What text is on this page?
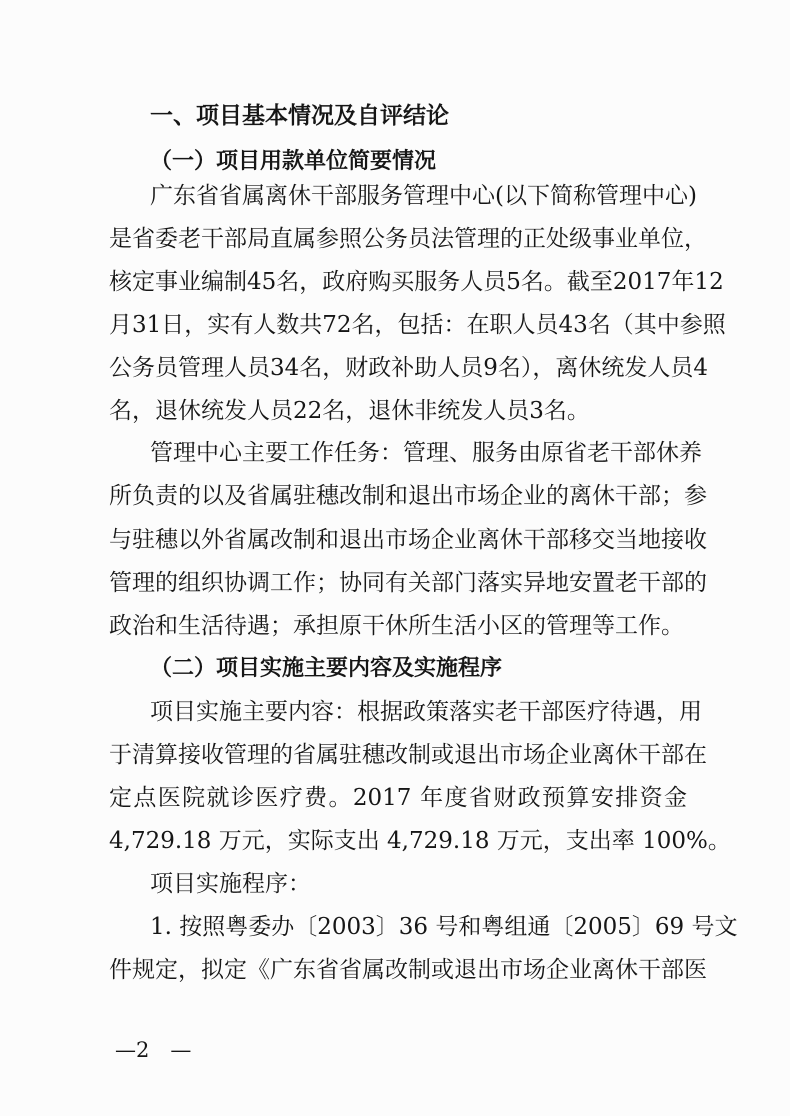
一、项目基本情况及自评结论
（一）项目用款单位简要情况
广东省省属离休干部服务管理中心(以下简称管理中心)
是省委老干部局直属参照公务员法管理的正处级事业单位，
核定事业编制45名，政府购买服务人员5名。截至2017年12
月31日，实有人数共72名，包括：在职人员43名（其中参照
公务员管理人员34名，财政补助人员9名），离休统发人员4
名，退休统发人员22名，退休非统发人员3名。
管理中心主要工作任务：管理、服务由原省老干部休养
所负责的以及省属驻穗改制和退出市场企业的离休干部；参
与驻穗以外省属改制和退出市场企业离休干部移交当地接收
管理的组织协调工作；协同有关部门落实异地安置老干部的
政治和生活待遇；承担原干休所生活小区的管理等工作。
（二）项目实施主要内容及实施程序
项目实施主要内容：根据政策落实老干部医疗待遇，用
于清算接收管理的省属驻穗改制或退出市场企业离休干部在
定点医院就诊医疗费。2017 年度省财政预算安排资金
4,729.18 万元，实际支出 4,729.18 万元，支出率 100%。
项目实施程序：
1. 按照粤委办〔2003〕36 号和粤组通〔2005〕69 号文
件规定，拟定《广东省省属改制或退出市场企业离休干部医
—2　—
